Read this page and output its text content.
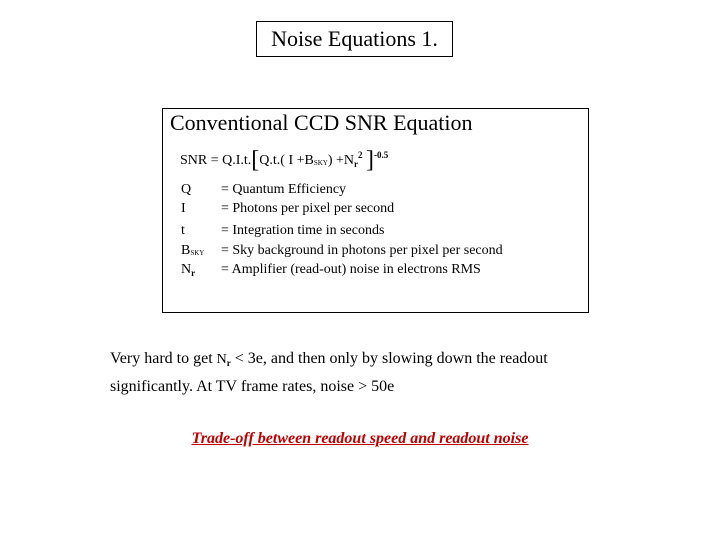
Noise Equations 1.
Conventional CCD SNR Equation
SNR = Q.I.t.[Q.t.( I +BSKY) $+N_r^2$ ]$^{-0.5}$
Q = Quantum Efficiency
I	= Photons per pixel per second
t	= Integration time in seconds
BSKY = Sky background in photons per pixel per second
$N_r$ = Amplifier (read-out) noise in electrons RMS
Very hard to get $N_r < 3e$, and then only by slowing down the readout
significantly. At TV frame rates, noise > 50e
Trade-off between readout speed and readout noise
